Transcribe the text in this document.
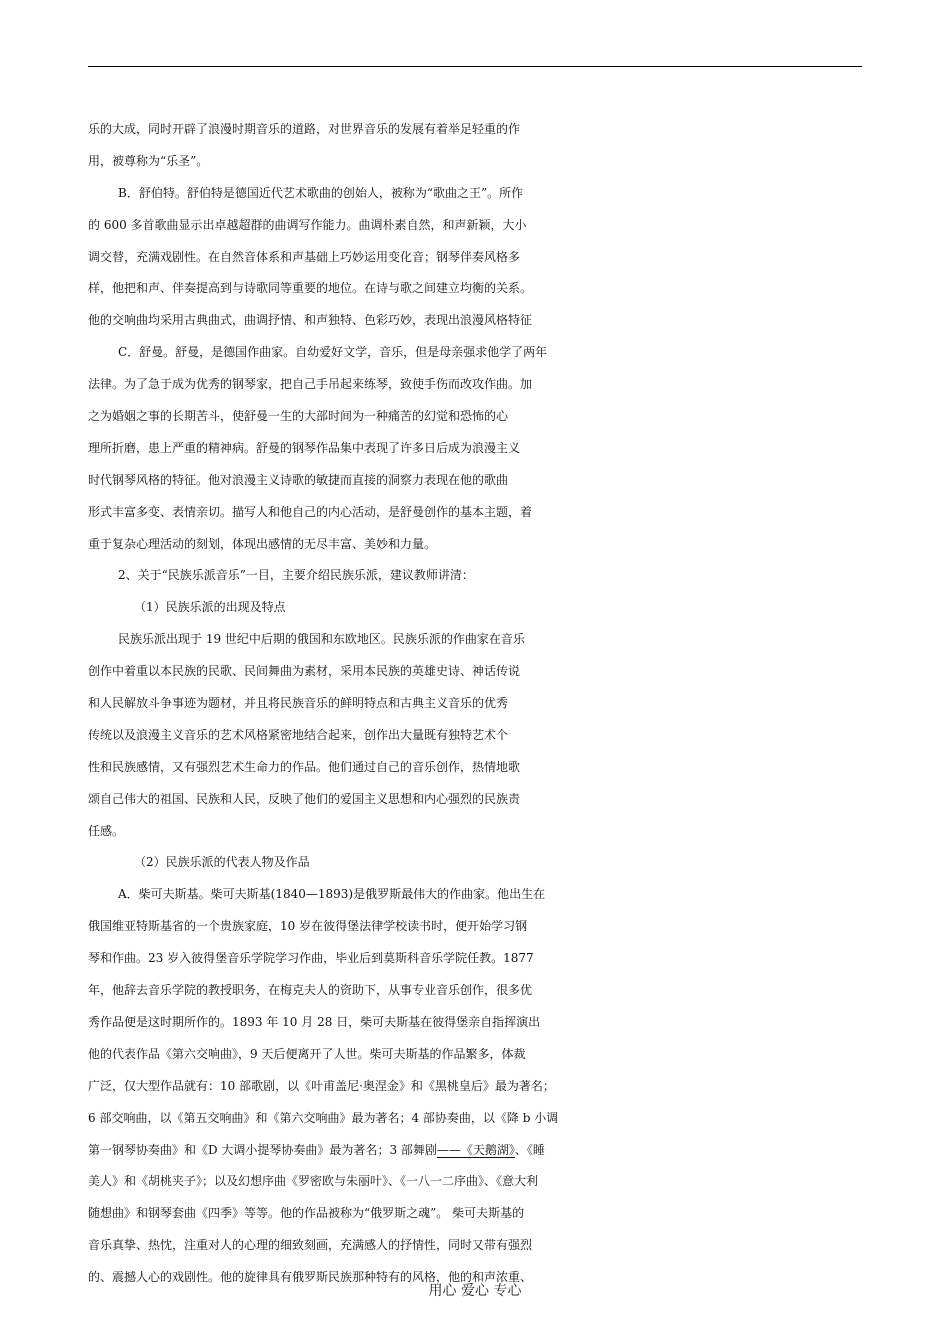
乐的大成，同时开辟了浪漫时期音乐的道路，对世界音乐的发展有着举足轻重的作
用，被尊称为“乐圣”。
B．舒伯特。舒伯特是德国近代艺术歌曲的创始人，被称为“歌曲之王”。所作
的 600 多首歌曲显示出卓越超群的曲调写作能力。曲调朴素自然，和声新颖，大小
调交替，充满戏剧性。在自然音体系和声基础上巧妙运用变化音；钢琴伴奏风格多
样，他把和声、伴奏提高到与诗歌同等重要的地位。在诗与歌之间建立均衡的关系。
他的交响曲均采用古典曲式，曲调抒情、和声独特、色彩巧妙，表现出浪漫风格特征
C．舒曼。舒曼，是德国作曲家。自幼爱好文学，音乐，但是母亲强求他学了两年
法律。为了急于成为优秀的钢琴家，把自己手吊起来练琴，致使手伤而改攻作曲。加
之为婚姻之事的长期苦斗，使舒曼一生的大部时间为一种痛苦的幻觉和恐怖的心
理所折磨，患上严重的精神病。舒曼的钢琴作品集中表现了许多日后成为浪漫主义
时代钢琴风格的特征。他对浪漫主义诗歌的敏捷而直接的洞察力表现在他的歌曲
形式丰富多变、表情亲切。描写人和他自己的内心活动，是舒曼创作的基本主题，着
重于复杂心理活动的刻划，体现出感情的无尽丰富、美妙和力量。
2、关于“民族乐派音乐”一目，主要介绍民族乐派，建议教师讲清：
（1）民族乐派的出现及特点
民族乐派出现于 19 世纪中后期的俄国和东欧地区。民族乐派的作曲家在音乐
创作中着重以本民族的民歌、民间舞曲为素材，采用本民族的英雄史诗、神话传说
和人民解放斗争事迹为题材，并且将民族音乐的鲜明特点和古典主义音乐的优秀
传统以及浪漫主义音乐的艺术风格紧密地结合起来，创作出大量既有独特艺术个
性和民族感情，又有强烈艺术生命力的作品。他们通过自己的音乐创作，热情地歌
颂自己伟大的祖国、民族和人民，反映了他们的爱国主义思想和内心强烈的民族责
任感。
（2）民族乐派的代表人物及作品
A．柴可夫斯基。柴可夫斯基(1840—1893)是俄罗斯最伟大的作曲家。他出生在
俄国维亚特斯基省的一个贵族家庭，10 岁在彼得堡法律学校读书时，便开始学习钢
琴和作曲。23 岁入彼得堡音乐学院学习作曲，毕业后到莫斯科音乐学院任教。1877
年，他辞去音乐学院的教授职务，在梅克夫人的资助下，从事专业音乐创作，很多优
秀作品便是这时期所作的。1893 年 10 月 28 日，柴可夫斯基在彼得堡亲自指挥演出
他的代表作品《第六交响曲》，9 天后便离开了人世。柴可夫斯基的作品繁多，体裁
广泛，仅大型作品就有：10 部歌剧，以《叶甫盖尼·奥涅金》和《黑桃皇后》最为著名；
6 部交响曲，以《第五交响曲》和《第六交响曲》最为著名；4 部协奏曲，以《降 b 小调
第一钢琴协奏曲》和《D 大调小提琴协奏曲》最为著名；3 部舞剧——《天鹅湖》、《睡
美人》和《胡桃夹子》；以及幻想序曲《罗密欧与朱丽叶》、《一八一二序曲》、《意大利
随想曲》和钢琴套曲《四季》等等。他的作品被称为“俄罗斯之魂”。 柴可夫斯基的
音乐真挚、热忱，注重对人的心理的细致刻画，充满感人的抒情性，同时又带有强烈
的、震撼人心的戏剧性。他的旋律具有俄罗斯民族那种特有的风格，他的和声浓重、
用心 爱心 专心
